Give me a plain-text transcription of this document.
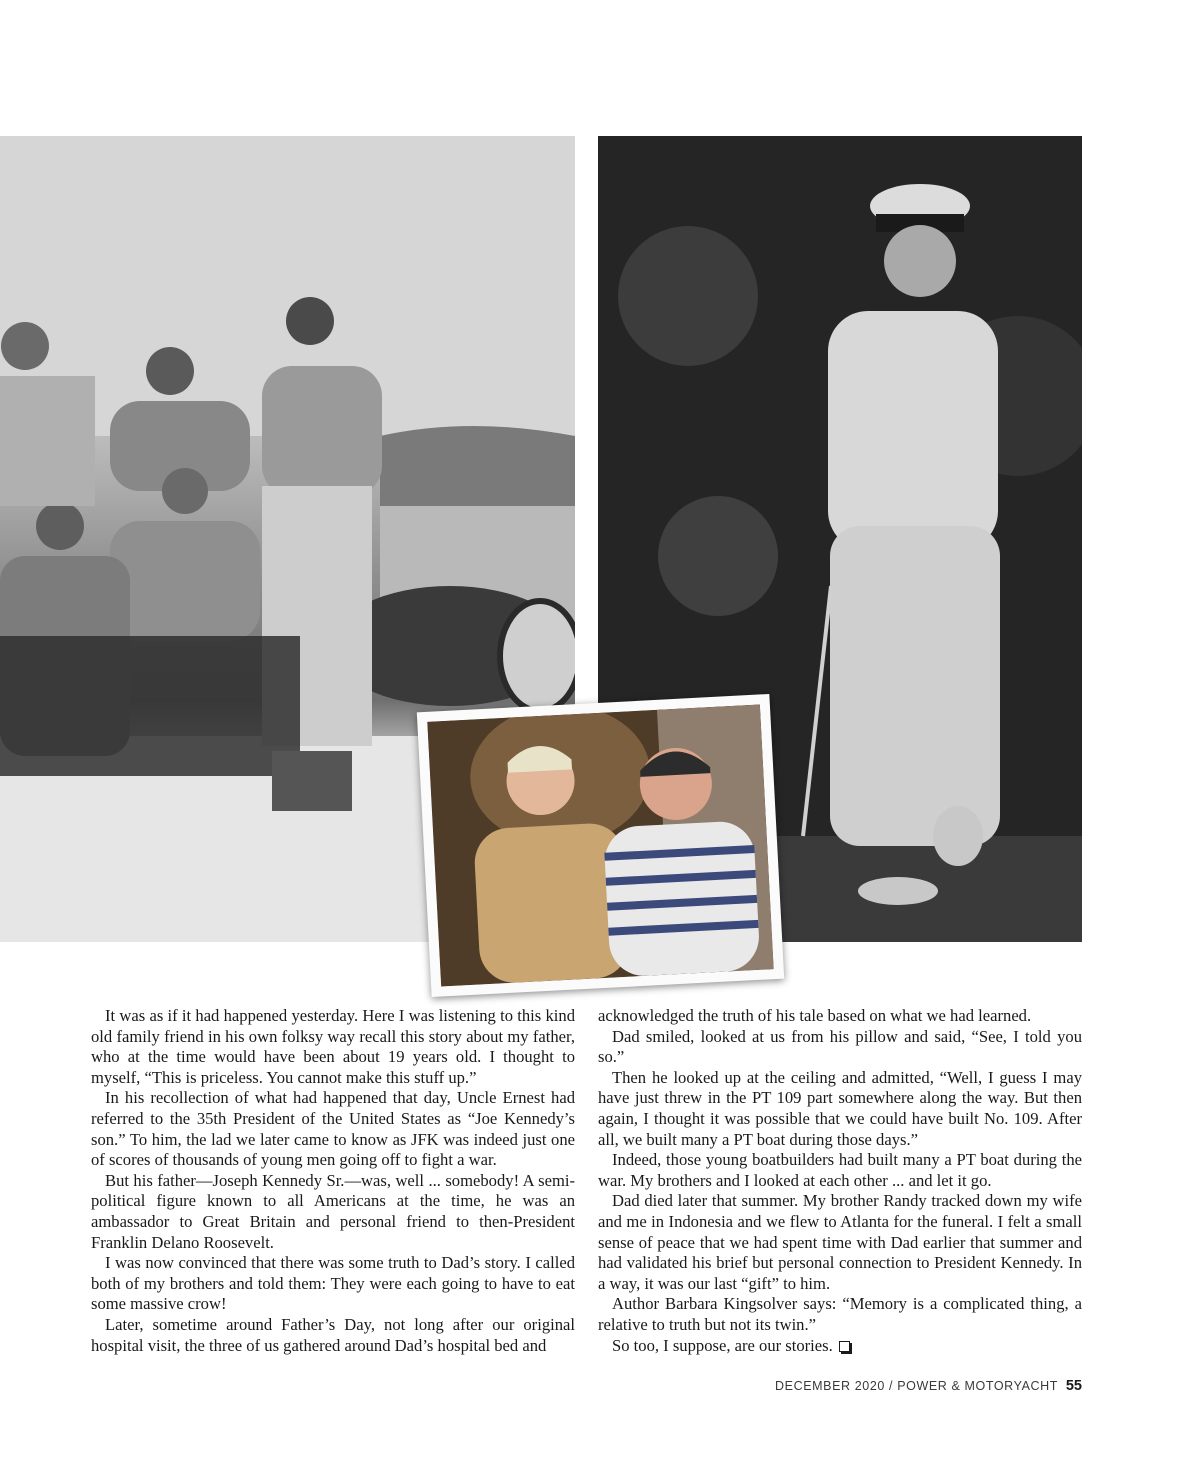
It was as if it had happened yesterday. Here I was listening to this kind old family friend in his own folksy way recall this story about my father, who at the time would have been about 19 years old. I thought to myself, “This is priceless. You cannot make this stuff up.”

In his recollection of what had happened that day, Uncle Ernest had referred to the 35th President of the United States as “Joe Kennedy’s son.” To him, the lad we later came to know as JFK was indeed just one of scores of thousands of young men going off to fight a war.

But his father—Joseph Kennedy Sr.—was, well ... somebody! A semi-political figure known to all Americans at the time, he was an ambassador to Great Britain and personal friend to then-President Franklin Delano Roosevelt.

I was now convinced that there was some truth to Dad’s story. I called both of my brothers and told them: They were each going to have to eat some massive crow!

Later, sometime around Father’s Day, not long after our original hospital visit, the three of us gathered around Dad’s hospital bed and

acknowledged the truth of his tale based on what we had learned.

Dad smiled, looked at us from his pillow and said, “See, I told you so.”

Then he looked up at the ceiling and admitted, “Well, I guess I may have just threw in the PT 109 part somewhere along the way. But then again, I thought it was possible that we could have built No. 109. After all, we built many a PT boat during those days.”

Indeed, those young boatbuilders had built many a PT boat during the war. My brothers and I looked at each other ... and let it go.

Dad died later that summer. My brother Randy tracked down my wife and me in Indonesia and we flew to Atlanta for the funeral. I felt a small sense of peace that we had spent time with Dad earlier that summer and had validated his brief but personal connection to President Kennedy. In a way, it was our last “gift” to him.

Author Barbara Kingsolver says: “Memory is a complicated thing, a relative to truth but not its twin.”

So too, I suppose, are our stories.

DECEMBER 2020 / POWER & MOTORYACHT 55
